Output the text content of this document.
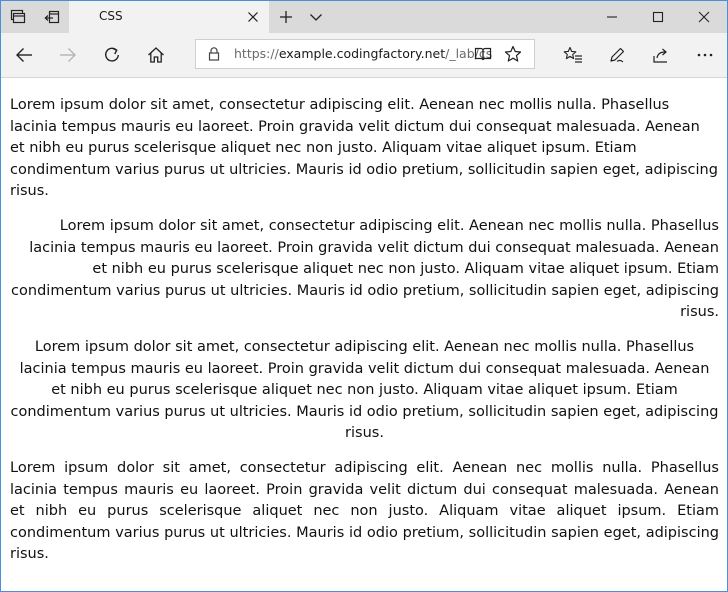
CSS
https://example.codingfactory.net/_lab/cs

Lorem ipsum dolor sit amet, consectetur adipiscing elit. Aenean nec mollis nulla. Phasellus lacinia tempus mauris eu laoreet. Proin gravida velit dictum dui consequat malesuada. Aenean et nibh eu purus scelerisque aliquet nec non justo. Aliquam vitae aliquet ipsum. Etiam condimentum varius purus ut ultricies. Mauris id odio pretium, sollicitudin sapien eget, adipiscing risus.

Lorem ipsum dolor sit amet, consectetur adipiscing elit. Aenean nec mollis nulla. Phasellus lacinia tempus mauris eu laoreet. Proin gravida velit dictum dui consequat malesuada. Aenean et nibh eu purus scelerisque aliquet nec non justo. Aliquam vitae aliquet ipsum. Etiam condimentum varius purus ut ultricies. Mauris id odio pretium, sollicitudin sapien eget, adipiscing risus.

Lorem ipsum dolor sit amet, consectetur adipiscing elit. Aenean nec mollis nulla. Phasellus lacinia tempus mauris eu laoreet. Proin gravida velit dictum dui consequat malesuada. Aenean et nibh eu purus scelerisque aliquet nec non justo. Aliquam vitae aliquet ipsum. Etiam condimentum varius purus ut ultricies. Mauris id odio pretium, sollicitudin sapien eget, adipiscing risus.

Lorem ipsum dolor sit amet, consectetur adipiscing elit. Aenean nec mollis nulla. Phasellus lacinia tempus mauris eu laoreet. Proin gravida velit dictum dui consequat malesuada. Aenean et nibh eu purus scelerisque aliquet nec non justo. Aliquam vitae aliquet ipsum. Etiam condimentum varius purus ut ultricies. Mauris id odio pretium, sollicitudin sapien eget, adipiscing risus.
